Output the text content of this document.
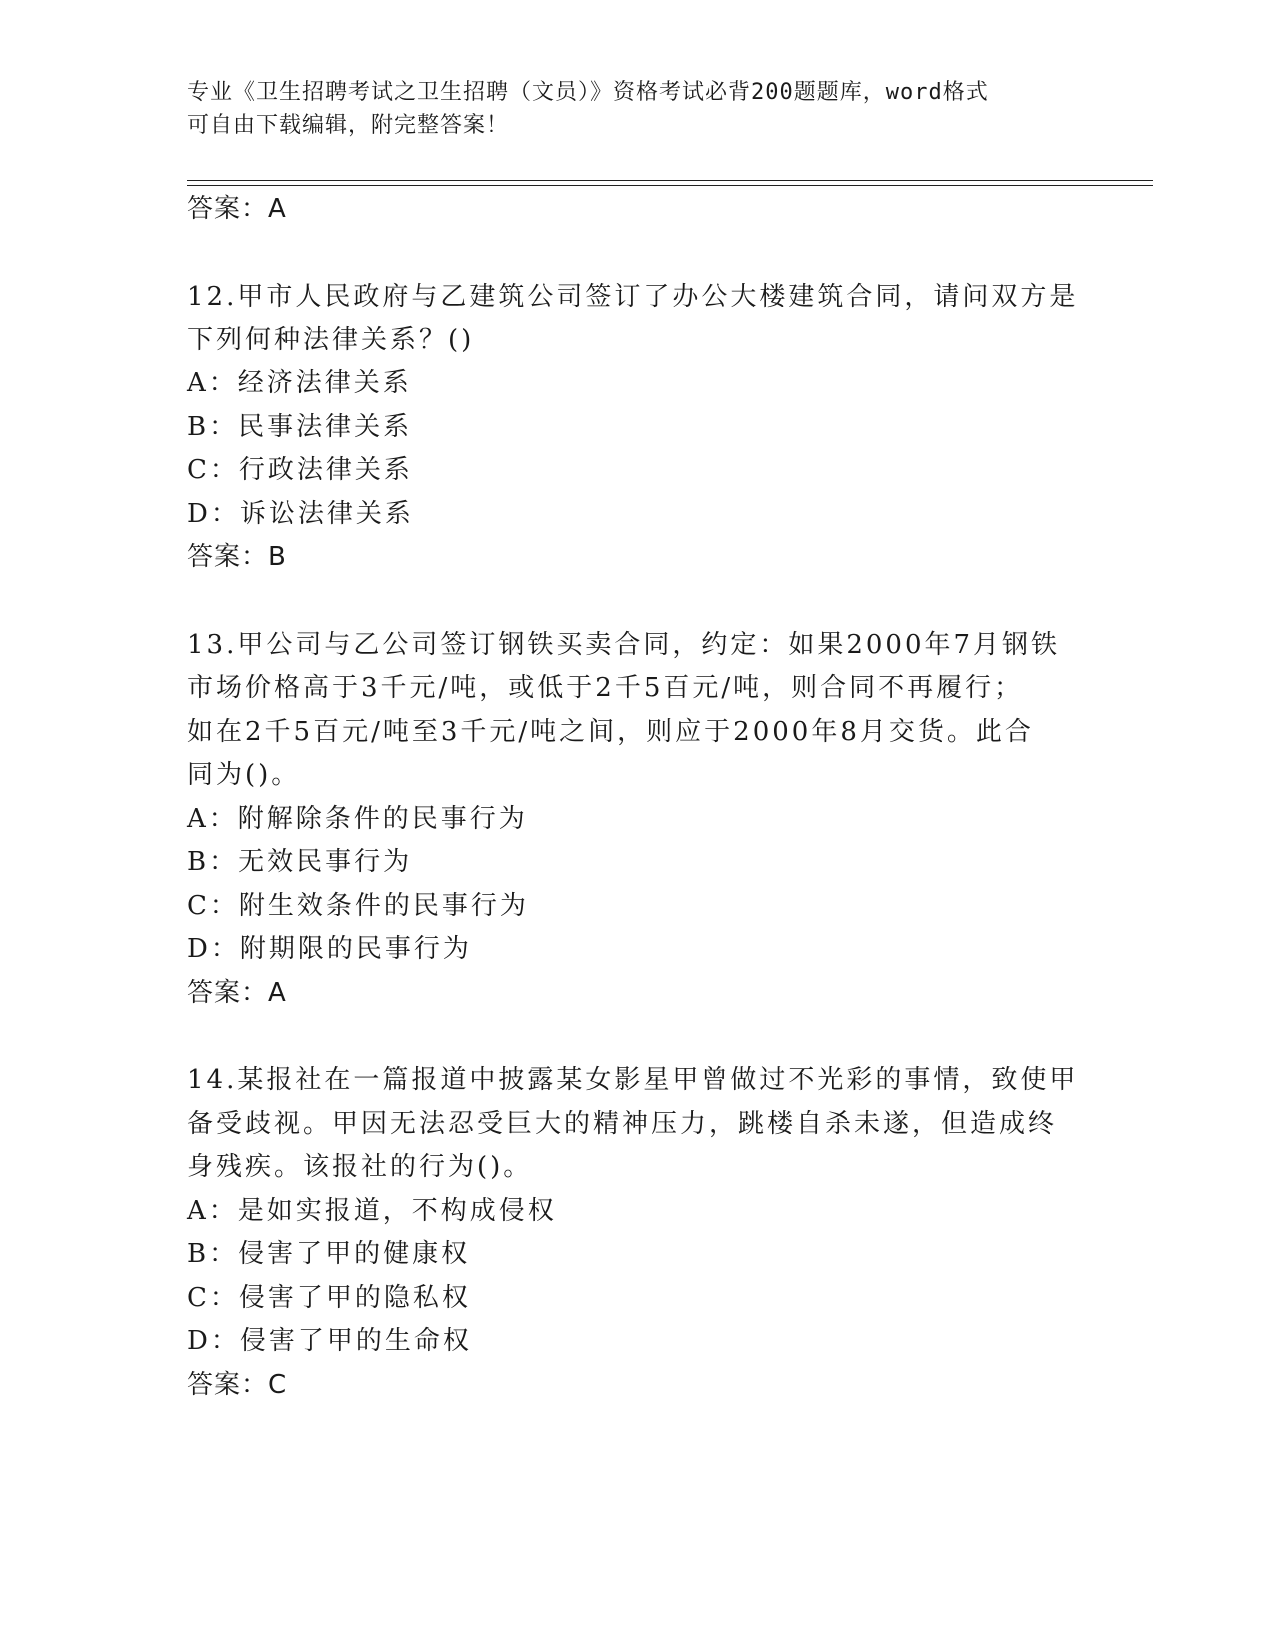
专业《卫生招聘考试之卫生招聘（文员）》资格考试必背200题题库，word格式
可自由下载编辑，附完整答案！
答案：A
12.甲市人民政府与乙建筑公司签订了办公大楼建筑合同，请问双方是
下列何种法律关系？()
A：经济法律关系
B：民事法律关系
C：行政法律关系
D：诉讼法律关系
答案：B
13.甲公司与乙公司签订钢铁买卖合同，约定：如果2000年7月钢铁
市场价格高于3千元/吨，或低于2千5百元/吨，则合同不再履行；
如在2千5百元/吨至3千元/吨之间，则应于2000年8月交货。此合
同为()。
A：附解除条件的民事行为
B：无效民事行为
C：附生效条件的民事行为
D：附期限的民事行为
答案：A
14.某报社在一篇报道中披露某女影星甲曾做过不光彩的事情，致使甲
备受歧视。甲因无法忍受巨大的精神压力，跳楼自杀未遂，但造成终
身残疾。该报社的行为()。
A：是如实报道，不构成侵权
B：侵害了甲的健康权
C：侵害了甲的隐私权
D：侵害了甲的生命权
答案：C
